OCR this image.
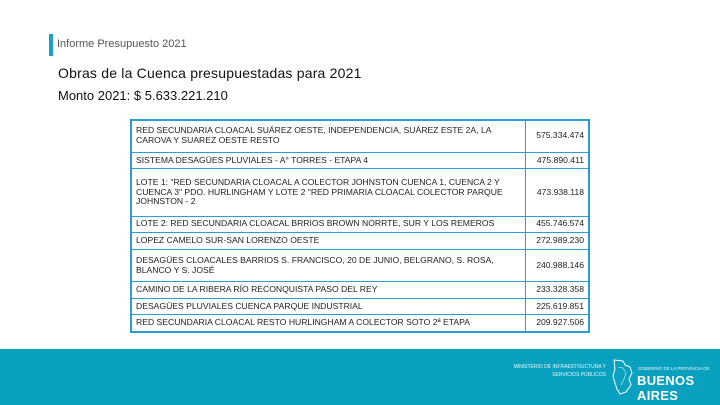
Informe Presupuesto 2021
Obras de la Cuenca presupuestadas para 2021
Monto 2021: $ 5.633.221.210
RED SECUNDARIA CLOACAL SUÁREZ OESTE, INDEPENDENCIA, SUÁREZ ESTE 2A, LA CAROVA Y SUAREZ OESTE RESTO	575.334.474
SISTEMA DESAGÜES PLUVIALES - A° TORRES - ETAPA 4	475.890.411
LOTE 1: "RED SECUNDARIA CLOACAL A COLECTOR JOHNSTON CUENCA 1, CUENCA 2 Y CUENCA 3" PDO. HURLINGHAM Y LOTE 2 "RED PRIMARIA CLOACAL COLECTOR PARQUE JOHNSTON - 2	473.938.118
LOTE 2: RED SECUNDARIA CLOACAL BRRIOS BROWN NORRTE, SUR Y LOS REMEROS	455.746.574
LOPEZ CAMELO SUR-SAN LORENZO OESTE	272.989.230
DESAGÜES CLOACALES BARRIOS S. FRANCISCO, 20 DE JUNIO, BELGRANO, S. ROSA, BLANCO Y S. JOSÉ	240.988.146
CAMINO DE LA RIBERA RÍO RECONQUISTA PASO DEL REY	233.328.358
DESAGÜES PLUVIALES CUENCA PARQUE INDUSTRIAL	225.619.851
RED SECUNDARIA CLOACAL RESTO HURLINGHAM A COLECTOR SOTO 2ª ETAPA	209.927.506
MINISTERIO DE INFRAESTRUCTURA Y SERVICIOS PÚBLICOS
GOBIERNO DE LA PROVINCIA DE
BUENOS AIRES
